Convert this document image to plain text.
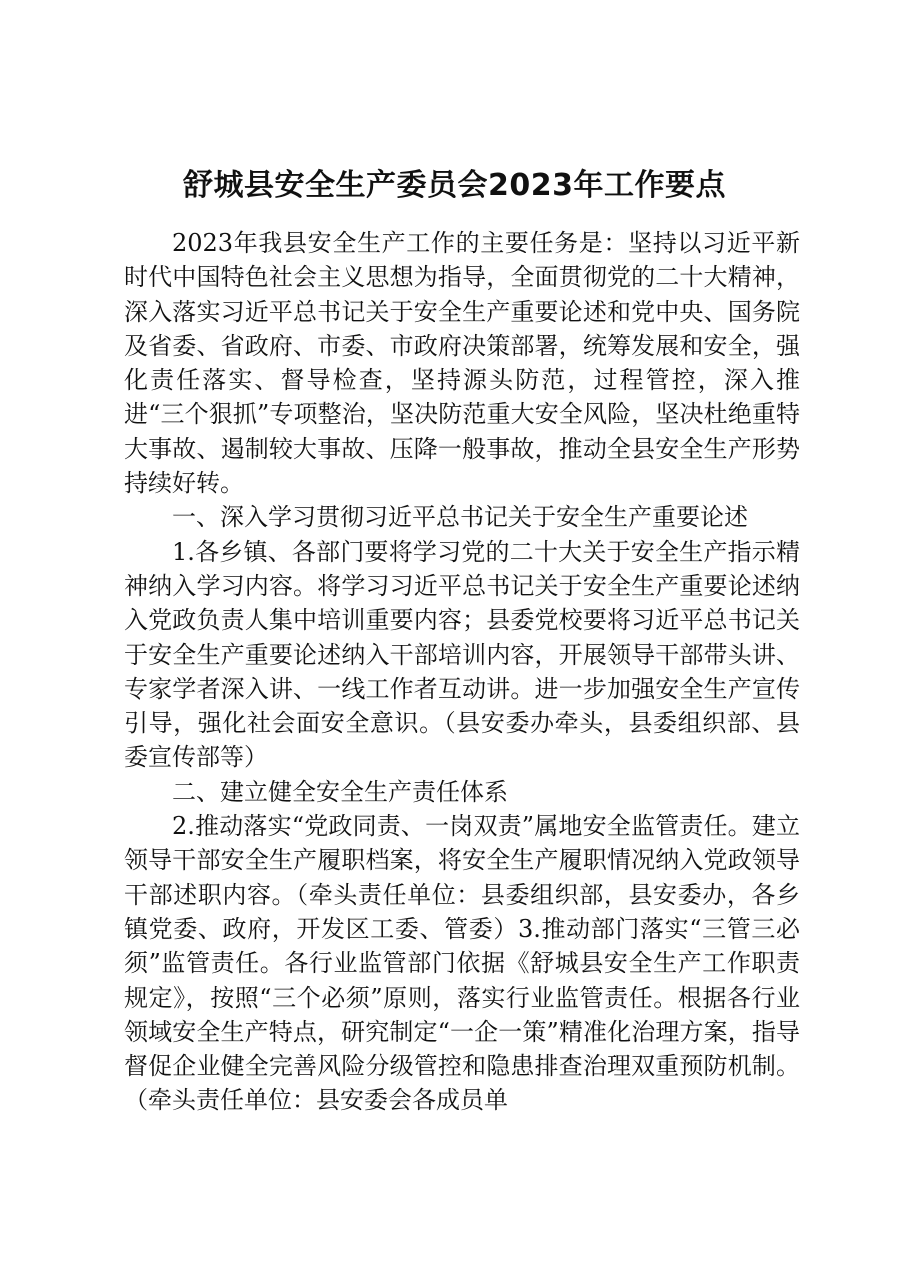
舒城县安全生产委员会2023年工作要点

2023年我县安全生产工作的主要任务是：坚持以习近平新时代中国特色社会主义思想为指导，全面贯彻党的二十大精神，深入落实习近平总书记关于安全生产重要论述和党中央、国务院及省委、省政府、市委、市政府决策部署，统筹发展和安全，强化责任落实、督导检查，坚持源头防范，过程管控，深入推进“三个狠抓”专项整治，坚决防范重大安全风险，坚决杜绝重特大事故、遏制较大事故、压降一般事故，推动全县安全生产形势持续好转。

一、深入学习贯彻习近平总书记关于安全生产重要论述

1.各乡镇、各部门要将学习党的二十大关于安全生产指示精神纳入学习内容。将学习习近平总书记关于安全生产重要论述纳入党政负责人集中培训重要内容；县委党校要将习近平总书记关于安全生产重要论述纳入干部培训内容，开展领导干部带头讲、专家学者深入讲、一线工作者互动讲。进一步加强安全生产宣传引导，强化社会面安全意识。（县安委办牵头，县委组织部、县委宣传部等）

二、建立健全安全生产责任体系

2.推动落实“党政同责、一岗双责”属地安全监管责任。建立领导干部安全生产履职档案，将安全生产履职情况纳入党政领导干部述职内容。（牵头责任单位：县委组织部，县安委办，各乡镇党委、政府，开发区工委、管委）3.推动部门落实“三管三必须”监管责任。各行业监管部门依据《舒城县安全生产工作职责规定》，按照“三个必须”原则，落实行业监管责任。根据各行业领域安全生产特点，研究制定“一企一策”精准化治理方案，指导督促企业健全完善风险分级管控和隐患排查治理双重预防机制。（牵头责任单位：县安委会各成员单
